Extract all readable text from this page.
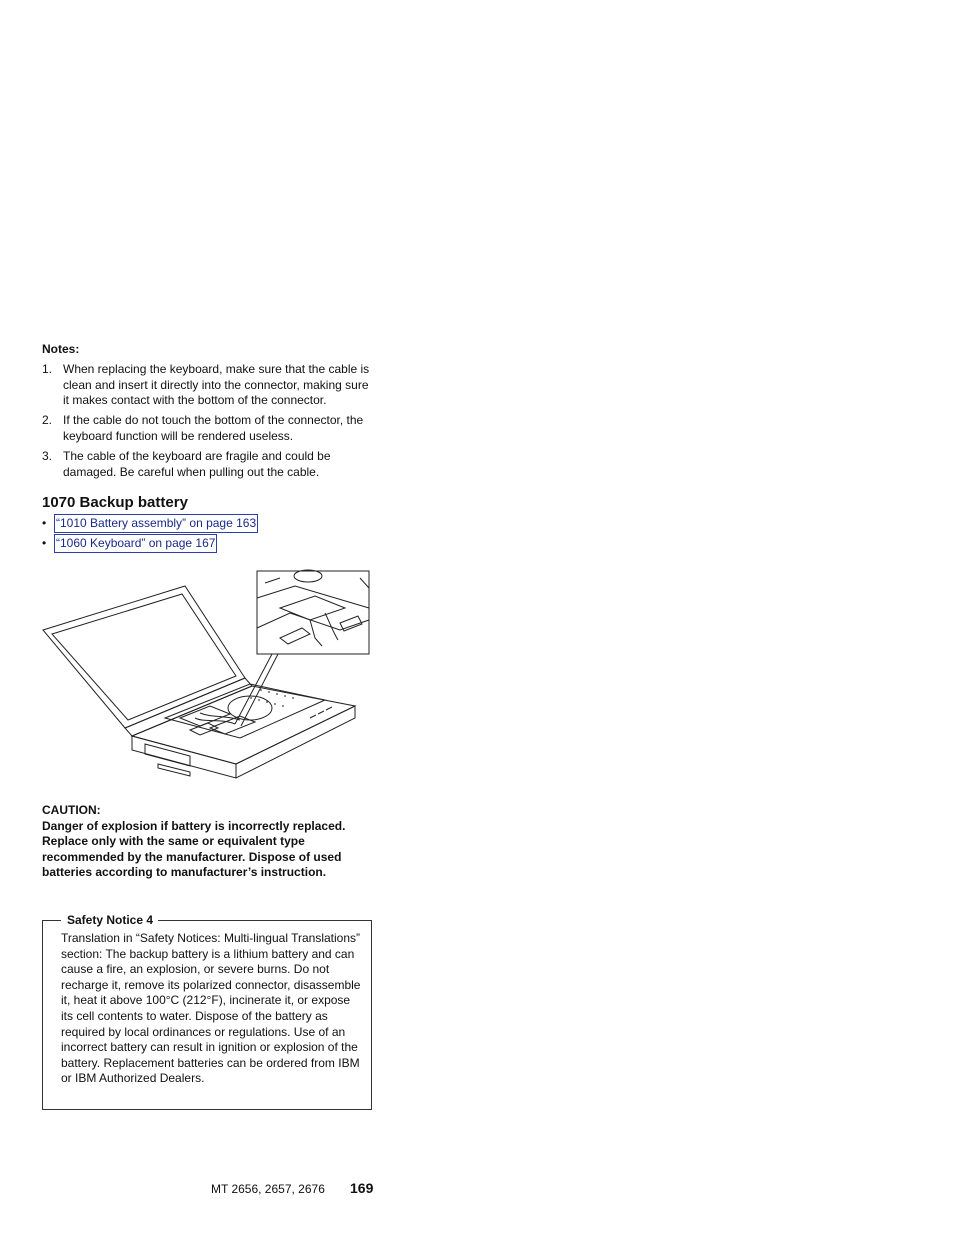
Notes:
1. When replacing the keyboard, make sure that the cable is clean and insert it directly into the connector, making sure it makes contact with the bottom of the connector.
2. If the cable do not touch the bottom of the connector, the keyboard function will be rendered useless.
3. The cable of the keyboard are fragile and could be damaged. Be careful when pulling out the cable.
1070 Backup battery
• “1010 Battery assembly” on page 163
• “1060 Keyboard” on page 167
CAUTION:
Danger of explosion if battery is incorrectly replaced. Replace only with the same or equivalent type recommended by the manufacturer. Dispose of used batteries according to manufacturer’s instruction.
Safety Notice 4
Translation in “Safety Notices: Multi-lingual Translations” section: The backup battery is a lithium battery and can cause a fire, an explosion, or severe burns. Do not recharge it, remove its polarized connector, disassemble it, heat it above 100°C (212°F), incinerate it, or expose its cell contents to water. Dispose of the battery as required by local ordinances or regulations. Use of an incorrect battery can result in ignition or explosion of the battery. Replacement batteries can be ordered from IBM or IBM Authorized Dealers.
MT 2656, 2657, 2676 169
